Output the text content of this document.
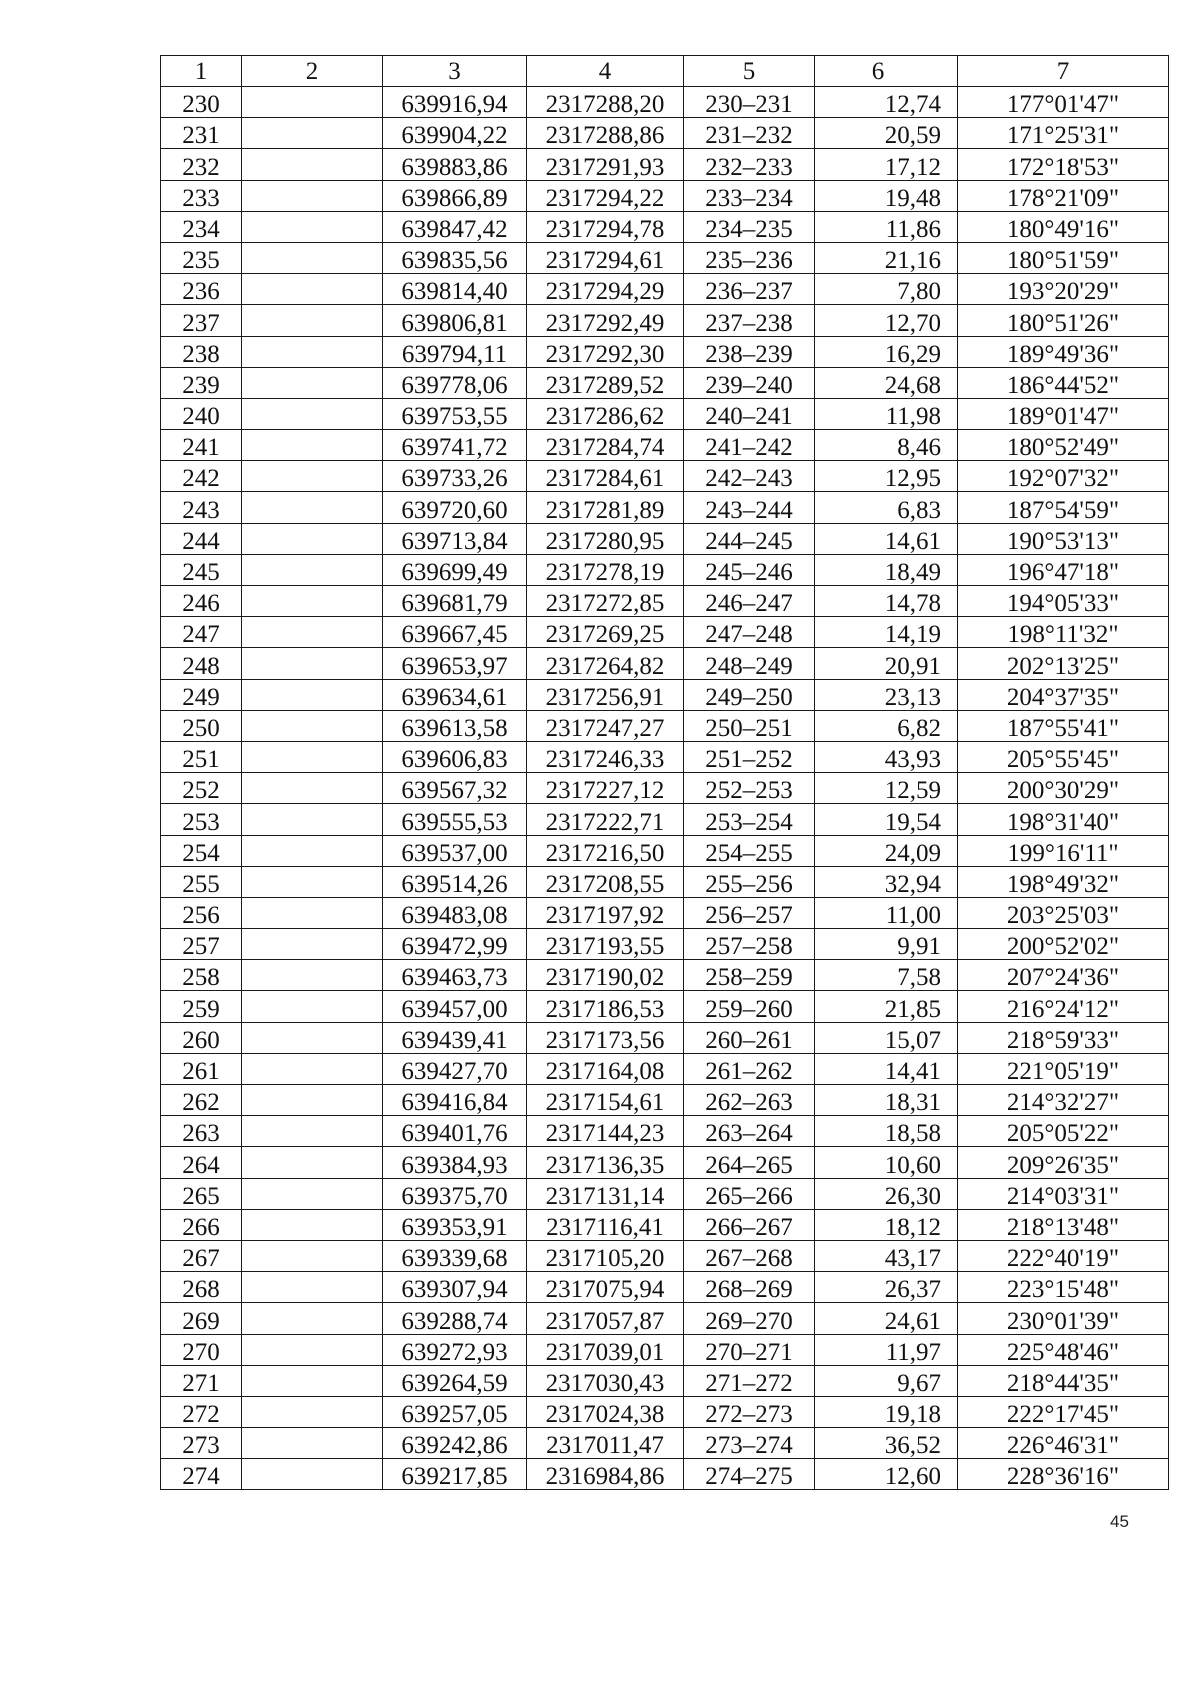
1	2	3	4	5	6	7
230		639916,94	2317288,20	230–231	12,74	177°01'47"
231		639904,22	2317288,86	231–232	20,59	171°25'31"
232		639883,86	2317291,93	232–233	17,12	172°18'53"
233		639866,89	2317294,22	233–234	19,48	178°21'09"
234		639847,42	2317294,78	234–235	11,86	180°49'16"
235		639835,56	2317294,61	235–236	21,16	180°51'59"
236		639814,40	2317294,29	236–237	7,80	193°20'29"
237		639806,81	2317292,49	237–238	12,70	180°51'26"
238		639794,11	2317292,30	238–239	16,29	189°49'36"
239		639778,06	2317289,52	239–240	24,68	186°44'52"
240		639753,55	2317286,62	240–241	11,98	189°01'47"
241		639741,72	2317284,74	241–242	8,46	180°52'49"
242		639733,26	2317284,61	242–243	12,95	192°07'32"
243		639720,60	2317281,89	243–244	6,83	187°54'59"
244		639713,84	2317280,95	244–245	14,61	190°53'13"
245		639699,49	2317278,19	245–246	18,49	196°47'18"
246		639681,79	2317272,85	246–247	14,78	194°05'33"
247		639667,45	2317269,25	247–248	14,19	198°11'32"
248		639653,97	2317264,82	248–249	20,91	202°13'25"
249		639634,61	2317256,91	249–250	23,13	204°37'35"
250		639613,58	2317247,27	250–251	6,82	187°55'41"
251		639606,83	2317246,33	251–252	43,93	205°55'45"
252		639567,32	2317227,12	252–253	12,59	200°30'29"
253		639555,53	2317222,71	253–254	19,54	198°31'40"
254		639537,00	2317216,50	254–255	24,09	199°16'11"
255		639514,26	2317208,55	255–256	32,94	198°49'32"
256		639483,08	2317197,92	256–257	11,00	203°25'03"
257		639472,99	2317193,55	257–258	9,91	200°52'02"
258		639463,73	2317190,02	258–259	7,58	207°24'36"
259		639457,00	2317186,53	259–260	21,85	216°24'12"
260		639439,41	2317173,56	260–261	15,07	218°59'33"
261		639427,70	2317164,08	261–262	14,41	221°05'19"
262		639416,84	2317154,61	262–263	18,31	214°32'27"
263		639401,76	2317144,23	263–264	18,58	205°05'22"
264		639384,93	2317136,35	264–265	10,60	209°26'35"
265		639375,70	2317131,14	265–266	26,30	214°03'31"
266		639353,91	2317116,41	266–267	18,12	218°13'48"
267		639339,68	2317105,20	267–268	43,17	222°40'19"
268		639307,94	2317075,94	268–269	26,37	223°15'48"
269		639288,74	2317057,87	269–270	24,61	230°01'39"
270		639272,93	2317039,01	270–271	11,97	225°48'46"
271		639264,59	2317030,43	271–272	9,67	218°44'35"
272		639257,05	2317024,38	272–273	19,18	222°17'45"
273		639242,86	2317011,47	273–274	36,52	226°46'31"
274		639217,85	2316984,86	274–275	12,60	228°36'16"
45
